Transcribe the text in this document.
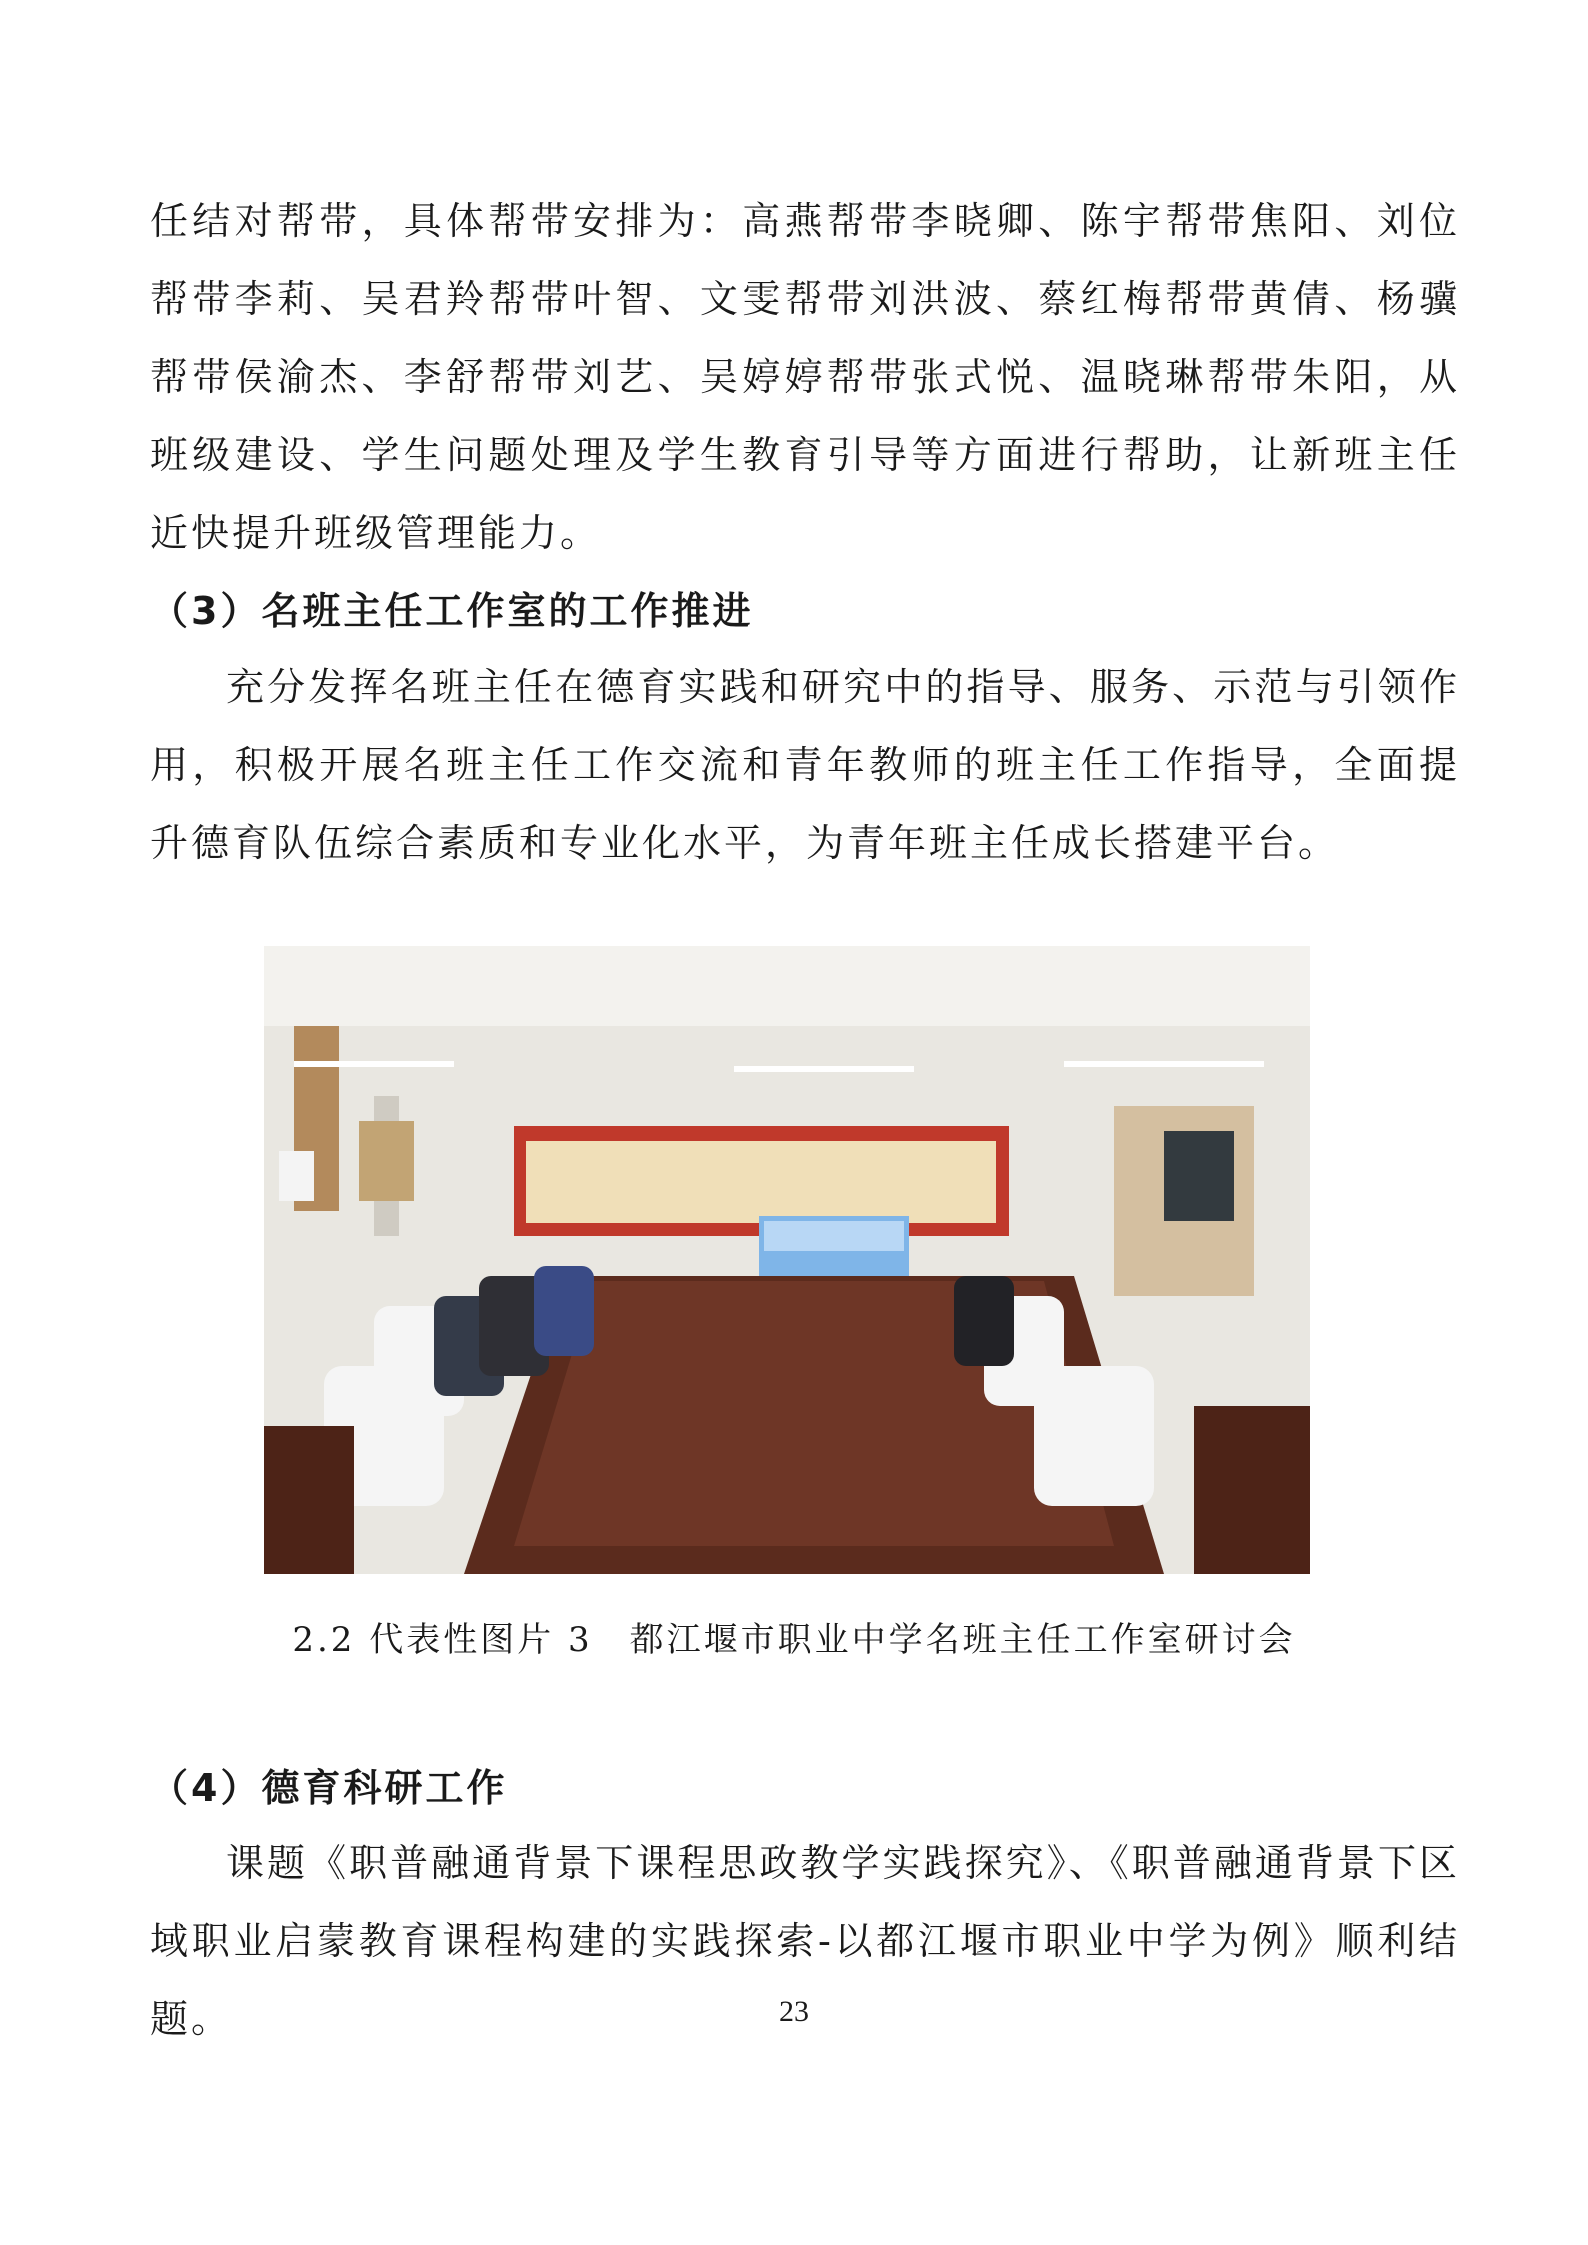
任结对帮带，具体帮带安排为：高燕帮带李晓卿、陈宇帮带焦阳、刘位帮带李莉、吴君羚帮带叶智、文雯帮带刘洪波、蔡红梅帮带黄倩、杨骥帮带侯渝杰、李舒帮带刘艺、吴婷婷帮带张式悦、温晓琳帮带朱阳，从班级建设、学生问题处理及学生教育引导等方面进行帮助，让新班主任近快提升班级管理能力。

（3）名班主任工作室的工作推进

充分发挥名班主任在德育实践和研究中的指导、服务、示范与引领作用，积极开展名班主任工作交流和青年教师的班主任工作指导，全面提升德育队伍综合素质和专业化水平，为青年班主任成长搭建平台。

2.2 代表性图片 3　都江堰市职业中学名班主任工作室研讨会

（4）德育科研工作

课题《职普融通背景下课程思政教学实践探究》、《职普融通背景下区域职业启蒙教育课程构建的实践探索-以都江堰市职业中学为例》顺利结题。	23
